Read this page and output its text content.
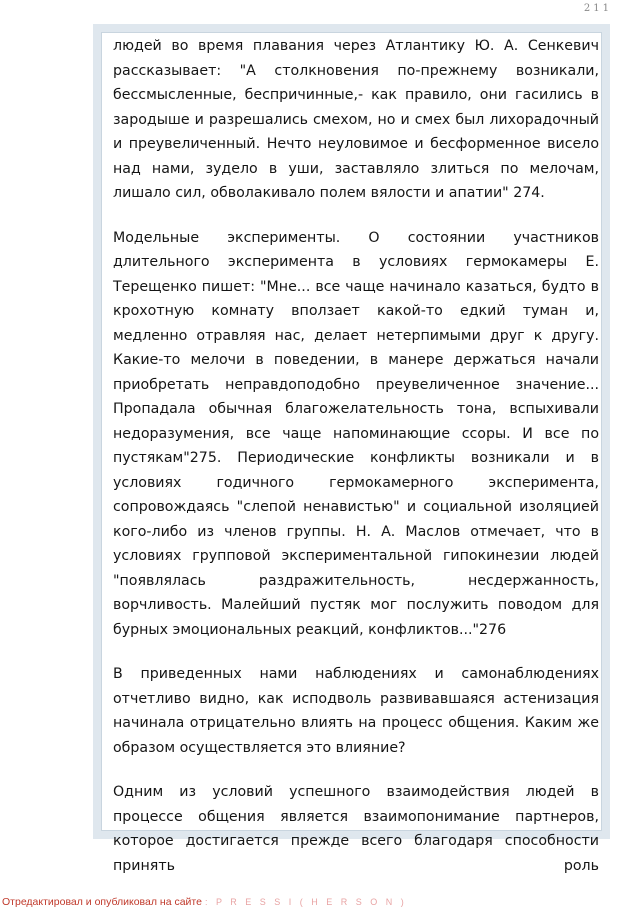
211

людей во время плавания через Атлантику Ю. А. Сенкевич рассказывает: "А столкновения по-прежнему возникали, бессмысленные, беспричинные,- как правило, они гасились в зародыше и разрешались смехом, но и смех был лихорадочный и преувеличенный. Нечто неуловимое и бесформенное висело над нами, зудело в уши, заставляло злиться по мелочам, лишало сил, обволакивало полем вялости и апатии" 274.

Модельные эксперименты. О состоянии участников длительного эксперимента в условиях гермокамеры Е. Терещенко пишет: "Мне... все чаще начинало казаться, будто в крохотную комнату вползает какой-то едкий туман и, медленно отравляя нас, делает нетерпимыми друг к другу. Какие-то мелочи в поведении, в манере держаться начали приобретать неправдоподобно преувеличенное значение... Пропадала обычная благожелательность тона, вспыхивали недоразумения, все чаще напоминающие ссоры. И все по пустякам"275. Периодические конфликты возникали и в условиях годичного гермокамерного эксперимента, сопровождаясь "слепой ненавистью" и социальной изоляцией кого-либо из членов группы. Н. А. Маслов отмечает, что в условиях групповой экспериментальной гипокинезии людей "появлялась раздражительность, несдержанность, ворчливость. Малейший пустяк мог послужить поводом для бурных эмоциональных реакций, конфликтов..."276

В приведенных нами наблюдениях и самонаблюдениях отчетливо видно, как исподволь развивавшаяся астенизация начинала отрицательно влиять на процесс общения. Каким же образом осуществляется это влияние?

Одним из условий успешного взаимодействия людей в процессе общения является взаимопонимание партнеров, которое достигается прежде всего благодаря способности принять роль

Отредактировал и опубликовал на сайте : P R E S S I ( H E R S O N )
